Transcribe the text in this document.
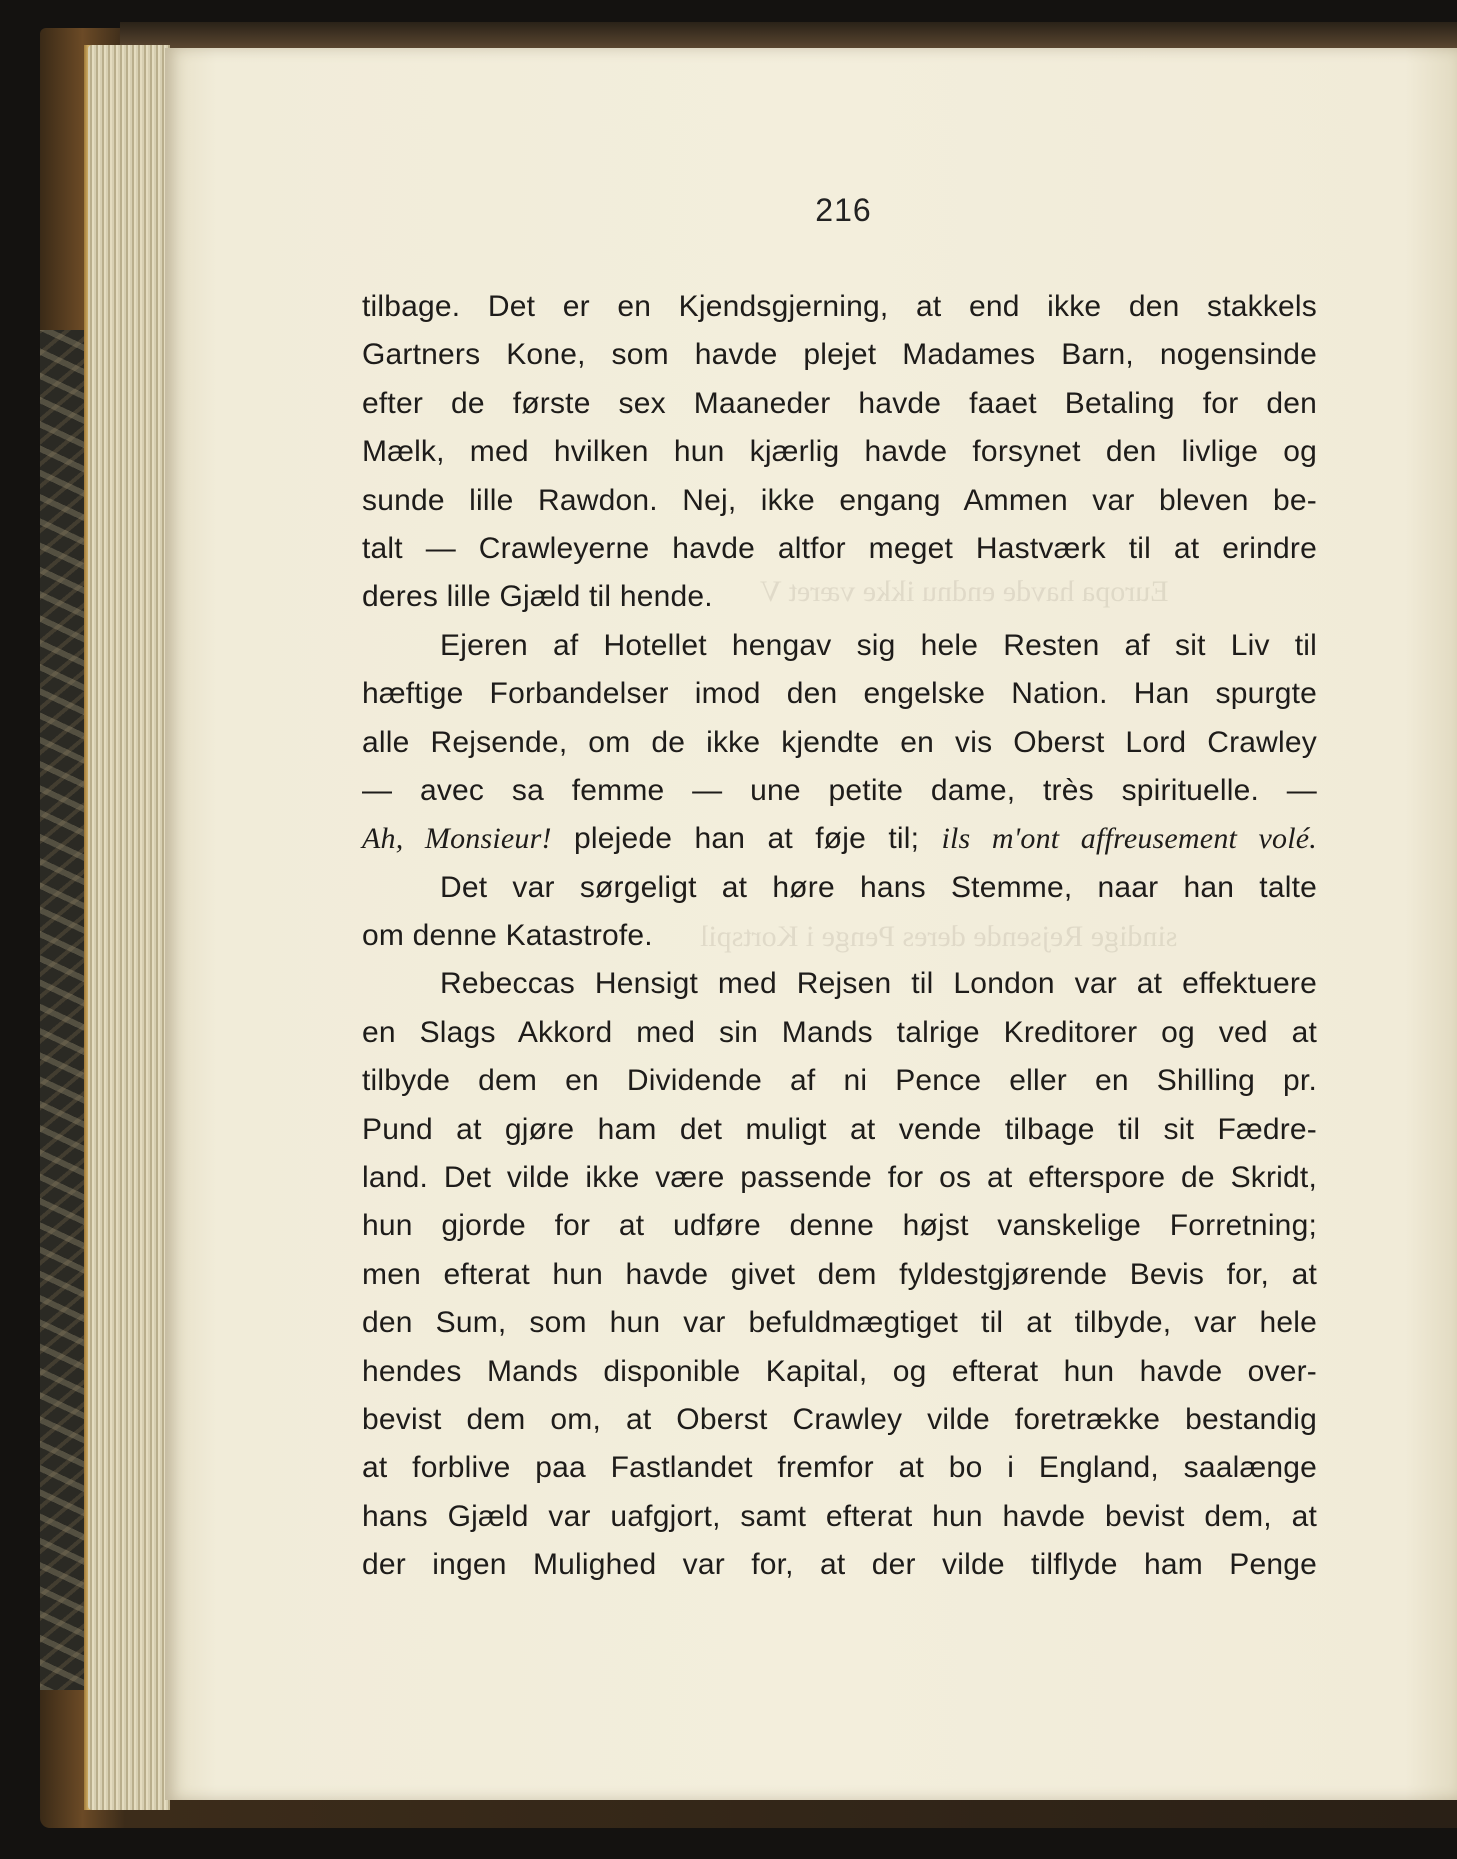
Europa havde endnu ikke været V
sindige Rejsende deres Penge i Kortspil
216
tilbage. Det er en Kjendsgjerning, at end ikke den stakkels
Gartners Kone, som havde plejet Madames Barn, nogensinde
efter de første sex Maaneder havde faaet Betaling for den
Mælk, med hvilken hun kjærlig havde forsynet den livlige og
sunde lille Rawdon. Nej, ikke engang Ammen var bleven be-
talt — Crawleyerne havde altfor meget Hastværk til at erindre
deres lille Gjæld til hende.
Ejeren af Hotellet hengav sig hele Resten af sit Liv til
hæftige Forbandelser imod den engelske Nation. Han spurgte
alle Rejsende, om de ikke kjendte en vis Oberst Lord Crawley
— avec sa femme — une petite dame, très spirituelle. —
Ah, Monsieur! plejede han at føje til; ils m'ont affreusement volé.
Det var sørgeligt at høre hans Stemme, naar han talte
om denne Katastrofe.
Rebeccas Hensigt med Rejsen til London var at effektuere
en Slags Akkord med sin Mands talrige Kreditorer og ved at
tilbyde dem en Dividende af ni Pence eller en Shilling pr.
Pund at gjøre ham det muligt at vende tilbage til sit Fædre-
land. Det vilde ikke være passende for os at efterspore de Skridt,
hun gjorde for at udføre denne højst vanskelige Forretning;
men efterat hun havde givet dem fyldestgjørende Bevis for, at
den Sum, som hun var befuldmægtiget til at tilbyde, var hele
hendes Mands disponible Kapital, og efterat hun havde over-
bevist dem om, at Oberst Crawley vilde foretrække bestandig
at forblive paa Fastlandet fremfor at bo i England, saalænge
hans Gjæld var uafgjort, samt efterat hun havde bevist dem, at
der ingen Mulighed var for, at der vilde tilflyde ham Penge
